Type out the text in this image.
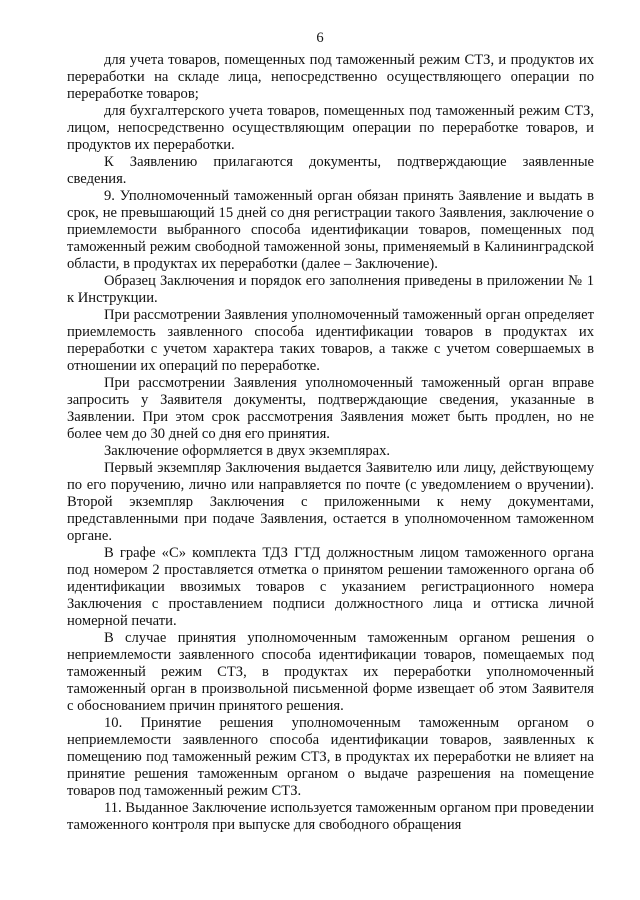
6

для учета товаров, помещенных под таможенный режим СТЗ, и продуктов их переработки на складе лица, непосредственно осуществляющего операции по переработке товаров;

для бухгалтерского учета товаров, помещенных под таможенный режим СТЗ, лицом, непосредственно осуществляющим операции по переработке товаров, и продуктов их переработки.

К Заявлению прилагаются документы, подтверждающие заявленные сведения.

9. Уполномоченный таможенный орган обязан принять Заявление и выдать в срок, не превышающий 15 дней со дня регистрации такого Заявления, заключение о приемлемости выбранного способа идентификации товаров, помещенных под таможенный режим свободной таможенной зоны, применяемый в Калининградской области, в продуктах их переработки (далее – Заключение).

Образец Заключения и порядок его заполнения приведены в приложении № 1 к Инструкции.

При рассмотрении Заявления уполномоченный таможенный орган определяет приемлемость заявленного способа идентификации товаров в продуктах их переработки с учетом характера таких товаров, а также с учетом совершаемых в отношении их операций по переработке.

При рассмотрении Заявления уполномоченный таможенный орган вправе запросить у Заявителя документы, подтверждающие сведения, указанные в Заявлении. При этом срок рассмотрения Заявления может быть продлен, но не более чем до 30 дней со дня его принятия.

Заключение оформляется в двух экземплярах.

Первый экземпляр Заключения выдается Заявителю или лицу, действующему по его поручению, лично или направляется по почте (с уведомлением о вручении). Второй экземпляр Заключения с приложенными к нему документами, представленными при подаче Заявления, остается в уполномоченном таможенном органе.

В графе «С» комплекта ТДЗ ГТД должностным лицом таможенного органа под номером 2 проставляется отметка о принятом решении таможенного органа об идентификации ввозимых товаров с указанием регистрационного номера Заключения с проставлением подписи должностного лица и оттиска личной номерной печати.

В случае принятия уполномоченным таможенным органом решения о неприемлемости заявленного способа идентификации товаров, помещаемых под таможенный режим СТЗ, в продуктах их переработки уполномоченный таможенный орган в произвольной письменной форме извещает об этом Заявителя с обоснованием причин принятого решения.

10. Принятие решения уполномоченным таможенным органом о неприемлемости заявленного способа идентификации товаров, заявленных к помещению под таможенный режим СТЗ, в продуктах их переработки не влияет на принятие решения таможенным органом о выдаче разрешения на помещение товаров под таможенный режим СТЗ.

11. Выданное Заключение используется таможенным органом при проведении таможенного контроля при выпуске для свободного обращения
